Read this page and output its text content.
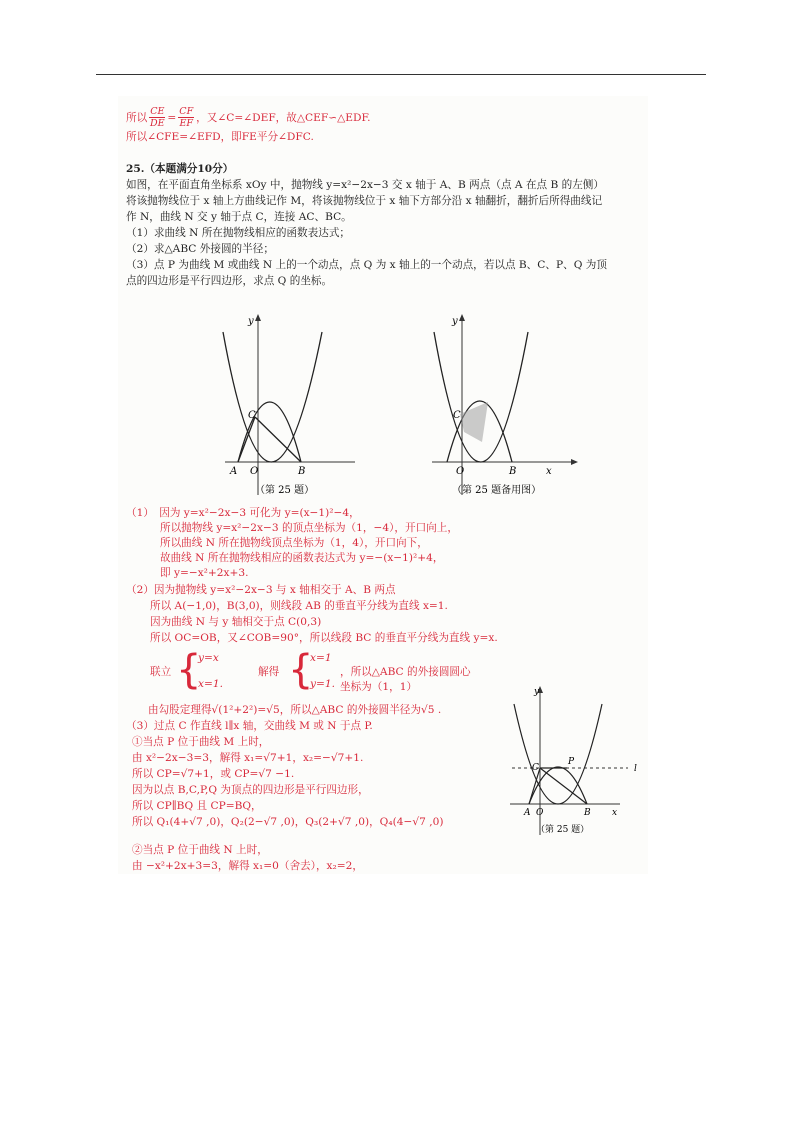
所以 $\frac{CE}{DE} = \frac{CF}{EF}$ ，又∠C=∠DEF，故△CEF∽△EDF.
所以∠CFE=∠EFD，即FE平分∠DFC.
25.（本题满分10分）
如图，在平面直角坐标系 xOy 中，抛物线 y=x²−2x−3 交 x 轴于 A、B 两点（点 A 在点 B 的左侧）
将该抛物线位于 x 轴上方曲线记作 M，将该抛物线位于 x 轴下方部分沿 x 轴翻折，翻折后所得曲线记
作 N，曲线 N 交 y 轴于点 C，连接 AC、BC。
（1）求曲线 N 所在抛物线相应的函数表达式；
（2）求△ABC 外接圆的半径；
（3）点 P 为曲线 M 或曲线 N 上的一个动点，点 Q 为 x 轴上的一个动点，若以点 B、C、P、Q 为顶
点的四边形是平行四边形，求点 Q 的坐标。
y
C
A O	B
（第 25 题）
y
C
O	B	x
（第 25 题备用图）
（1）　因为 y=x²−2x−3 可化为 y=(x−1)²−4，
所以抛物线 y=x²−2x−3 的顶点坐标为（1，−4），开口向上，
所以曲线 N 所在抛物线顶点坐标为（1，4），开口向下，
故曲线 N 所在抛物线相应的函数表达式为 y=−(x−1)²+4，
即 y=−x²+2x+3.
（2）因为抛物线 y=x²−2x−3 与 x 轴相交于 A、B 两点
所以 A(−1,0)，B(3,0)，则线段 AB 的垂直平分线为直线 x=1.
因为曲线 N 与 y 轴相交于点 C(0,3)
所以 OC=OB，又∠COB=90°，所以线段 BC 的垂直平分线为直线 y=x.
联立 {
y=x
x=1.
解得 {
x=1
y=1.
，所以△ABC 的外接圆圆心坐标为（1，1）
由勾股定理得√(1²+2²)=√5，所以△ABC 的外接圆半径为√5 .
（3）过点 C 作直线 l∥x 轴，交曲线 M 或 N 于点 P.
①当点 P 位于曲线 M 上时，
由 x²−2x−3=3，解得 x₁=√7+1，x₂=−√7+1.
所以 CP=√7+1，或 CP=√7 −1.
因为以点 B,C,P,Q 为顶点的四边形是平行四边形，
所以 CP∥BQ 且 CP=BQ，
所以 Q₁(4+√7 ,0)，Q₂(2−√7 ,0)，Q₃(2+√7 ,0)，Q₄(4−√7 ,0)
②当点 P 位于曲线 N 上时，
由 −x²+2x+3=3，解得 x₁=0（舍去），x₂=2，
y
C
P
l
A O	B x
（第 25 题）
